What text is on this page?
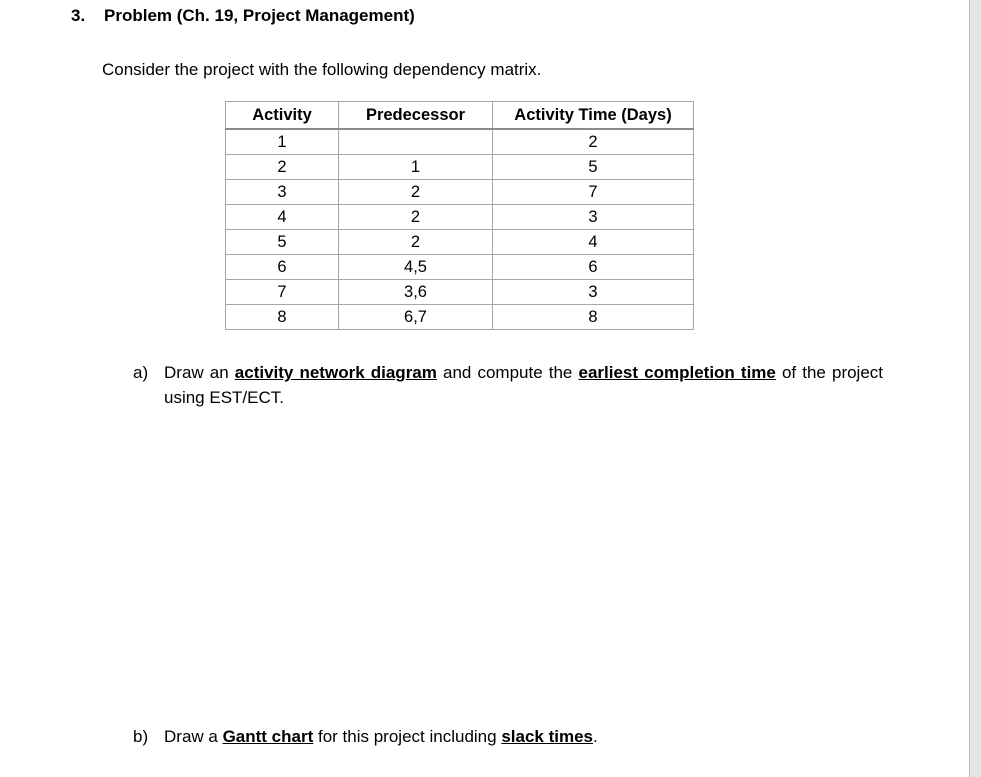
3. Problem (Ch. 19, Project Management)
Consider the project with the following dependency matrix.
Activity	Predecessor	Activity Time (Days)
1		2
2	1	5
3	2	7
4	2	3
5	2	4
6	4,5	6
7	3,6	3
8	6,7	8
a) Draw an activity network diagram and compute the earliest completion time of the project using EST/ECT.
b) Draw a Gantt chart for this project including slack times.
